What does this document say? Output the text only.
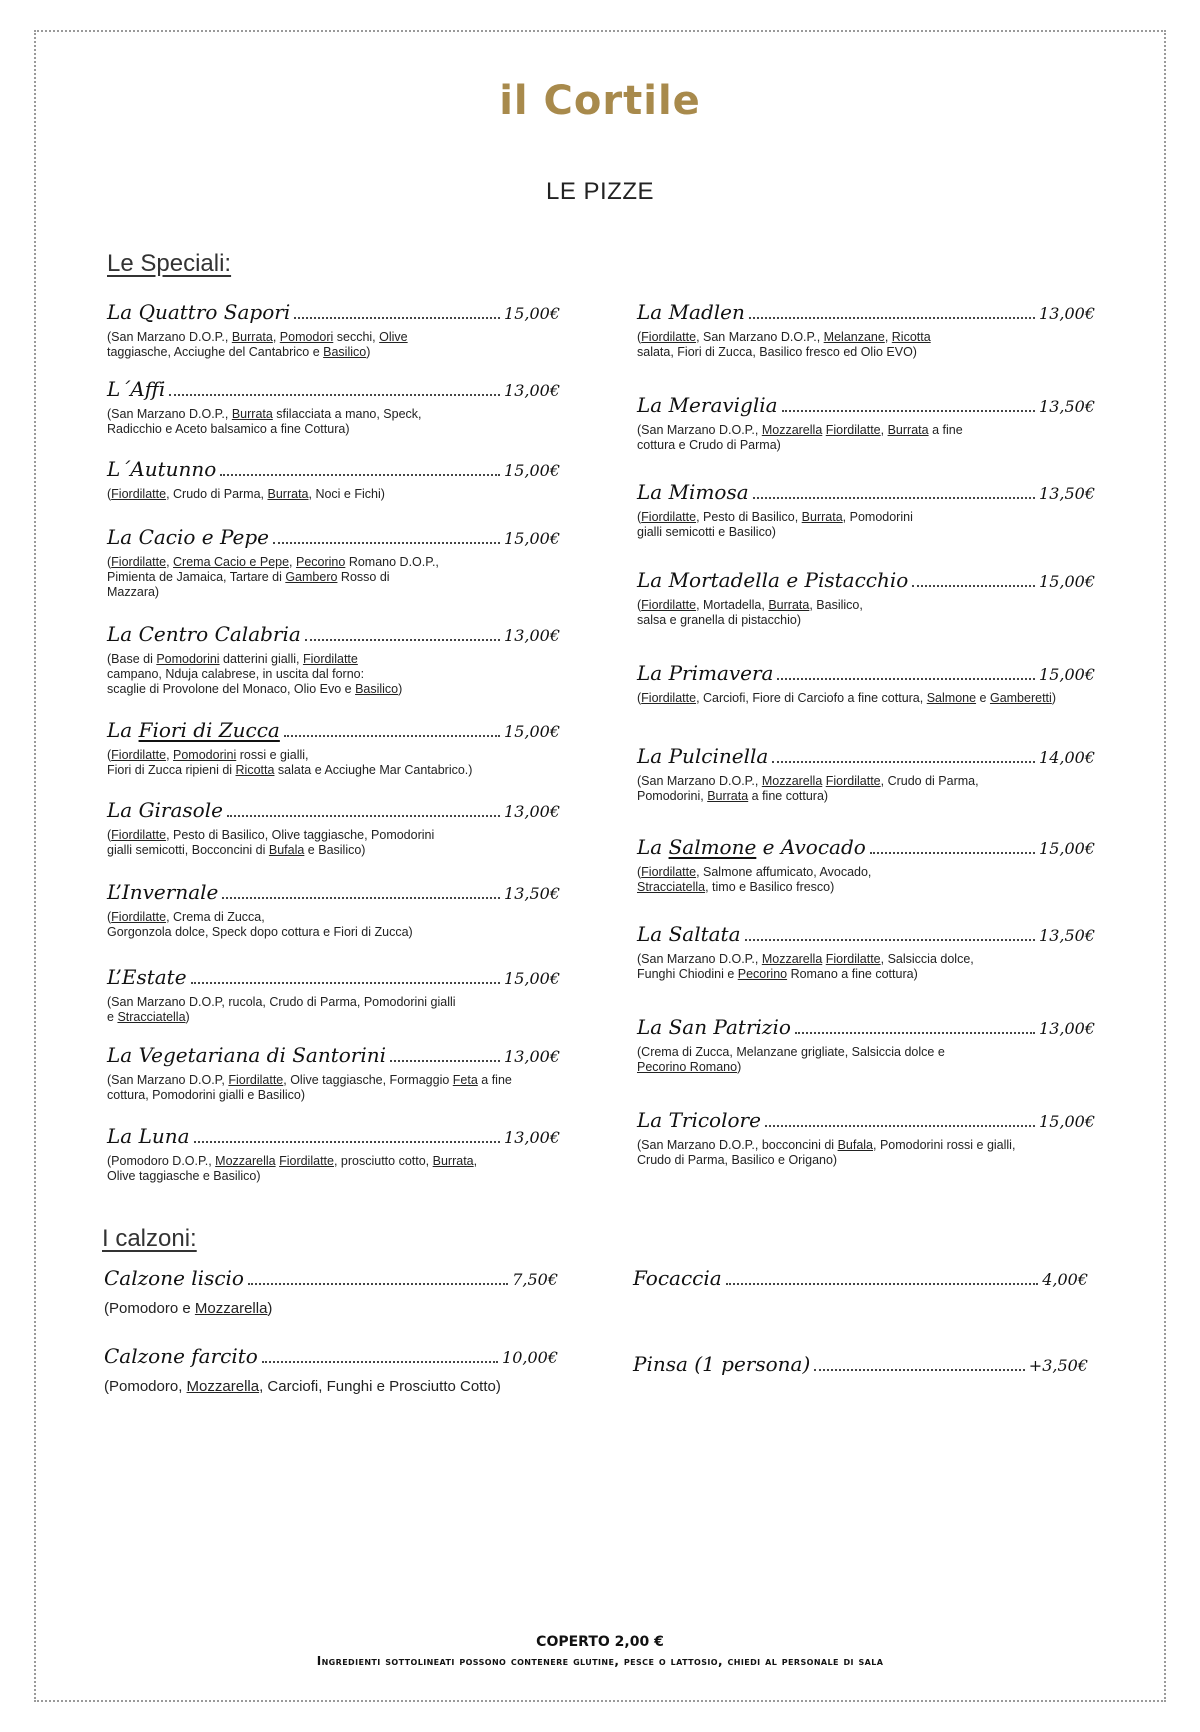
il Cortile
LE PIZZE
Le Speciali:
I calzoni:
La Quattro Sapori	15,00€
(San Marzano D.O.P., Burrata, Pomodori secchi, Olive
taggiasche, Acciughe del Cantabrico e Basilico)
L´Affi	13,00€
(San Marzano D.O.P., Burrata sfilacciata a mano, Speck,
Radicchio e Aceto balsamico a fine Cottura)
L´Autunno	15,00€
(Fiordilatte, Crudo di Parma, Burrata, Noci e Fichi)
La Cacio e Pepe	15,00€
(Fiordilatte, Crema Cacio e Pepe, Pecorino Romano D.O.P.,
Pimienta de Jamaica, Tartare di Gambero Rosso di
Mazzara)
La Centro Calabria	13,00€
(Base di Pomodorini datterini gialli, Fiordilatte
campano, Nduja calabrese, in uscita dal forno:
scaglie di Provolone del Monaco, Olio Evo e Basilico)
La Fiori di Zucca	15,00€
(Fiordilatte, Pomodorini rossi e gialli,
Fiori di Zucca ripieni di Ricotta salata e Acciughe Mar Cantabrico.)
La Girasole	13,00€
(Fiordilatte, Pesto di Basilico, Olive taggiasche, Pomodorini
gialli semicotti, Bocconcini di Bufala e Basilico)
L’Invernale	13,50€
(Fiordilatte, Crema di Zucca,
Gorgonzola dolce, Speck dopo cottura e Fiori di Zucca)
L’Estate	15,00€
(San Marzano D.O.P, rucola, Crudo di Parma, Pomodorini gialli
e Stracciatella)
La Vegetariana di Santorini	13,00€
(San Marzano D.O.P, Fiordilatte, Olive taggiasche, Formaggio Feta a fine
cottura, Pomodorini gialli e Basilico)
La Luna	13,00€
(Pomodoro D.O.P., Mozzarella Fiordilatte, prosciutto cotto, Burrata,
Olive taggiasche e Basilico)
La Madlen	13,00€
(Fiordilatte, San Marzano D.O.P., Melanzane, Ricotta
salata, Fiori di Zucca, Basilico fresco ed Olio EVO)
La Meraviglia	13,50€
(San Marzano D.O.P., Mozzarella Fiordilatte, Burrata a fine
cottura e Crudo di Parma)
La Mimosa	13,50€
(Fiordilatte, Pesto di Basilico, Burrata, Pomodorini
gialli semicotti e Basilico)
La Mortadella e Pistacchio	15,00€
(Fiordilatte, Mortadella, Burrata, Basilico,
salsa e granella di pistacchio)
La Primavera	15,00€
(Fiordilatte, Carciofi, Fiore di Carciofo a fine cottura, Salmone e Gamberetti)
La Pulcinella	14,00€
(San Marzano D.O.P., Mozzarella Fiordilatte, Crudo di Parma,
Pomodorini, Burrata a fine cottura)
La Salmone e Avocado	15,00€
(Fiordilatte, Salmone affumicato, Avocado,
Stracciatella, timo e Basilico fresco)
La Saltata	13,50€
(San Marzano D.O.P., Mozzarella Fiordilatte, Salsiccia dolce,
Funghi Chiodini e Pecorino Romano a fine cottura)
La San Patrizio	13,00€
(Crema di Zucca, Melanzane grigliate, Salsiccia dolce e
Pecorino Romano)
La Tricolore	15,00€
(San Marzano D.O.P., bocconcini di Bufala, Pomodorini rossi e gialli,
Crudo di Parma, Basilico e Origano)
Calzone liscio	7,50€
(Pomodoro e Mozzarella)
Calzone farcito	10,00€
(Pomodoro, Mozzarella, Carciofi, Funghi e Prosciutto Cotto)
Focaccia	4,00€
Pinsa (1 persona)	+3,50€
COPERTO 2,00 €
Ingredienti sottolineati possono contenere glutine, pesce o lattosio, chiedi al personale di sala
